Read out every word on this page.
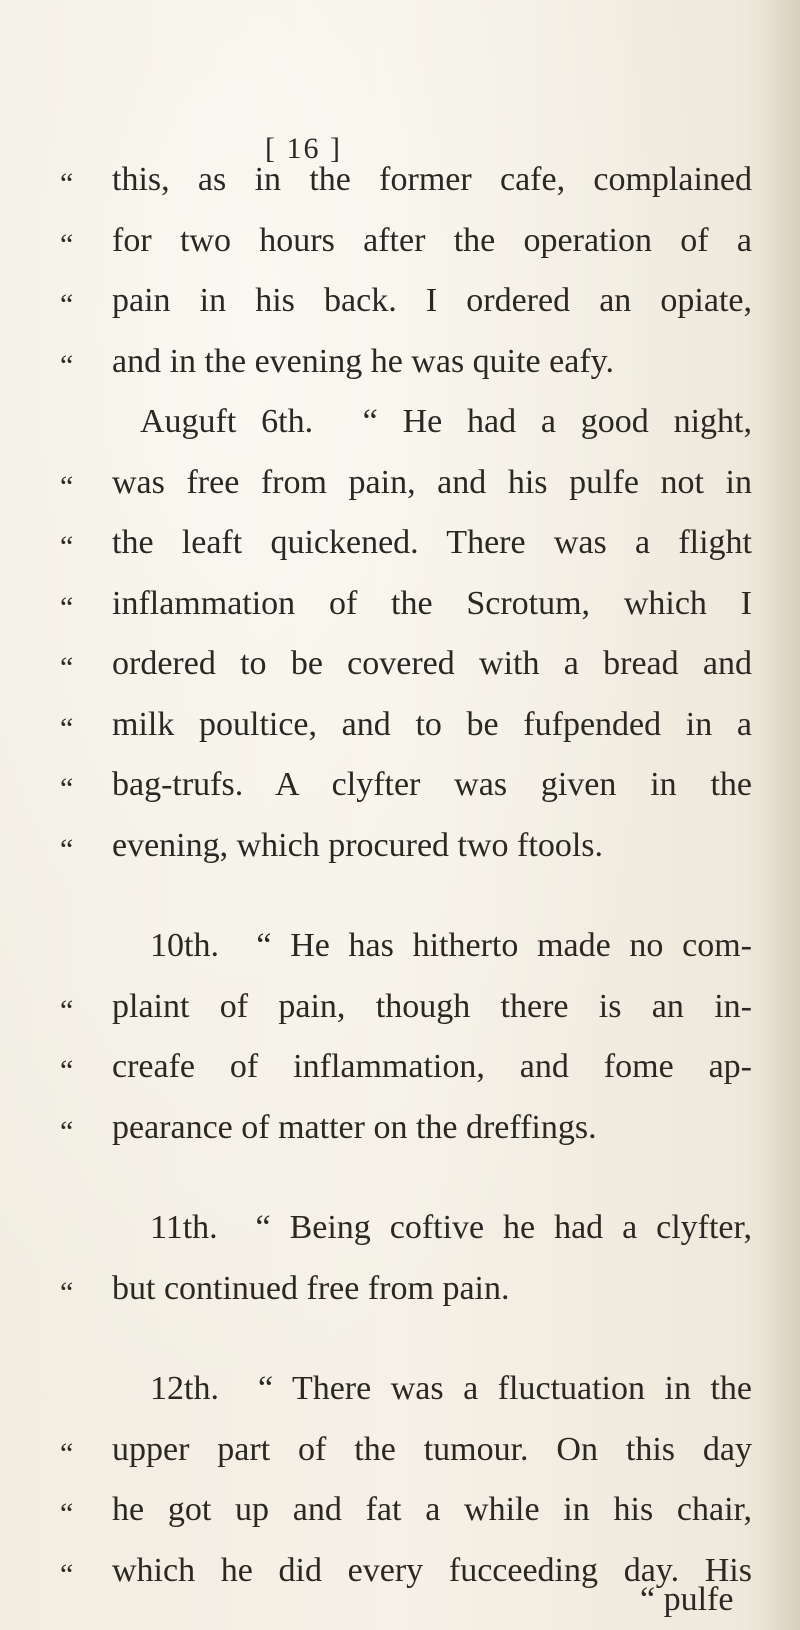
[ 16 ]
“ this, as in the former cafe, complained
“ for two hours after the operation of a
“ pain in his back. I ordered an opiate,
“ and in the evening he was quite eafy.
Auguft 6th.  “ He had a good night,
“ was free from pain, and his pulfe not in
“ the leaft quickened. There was a flight
“ inflammation of the Scrotum, which I
“ ordered to be covered with a bread and
“ milk poultice, and to be fufpended in a
“ bag-trufs. A clyfter was given in the
“ evening, which procured two ftools.
10th.  “ He has hitherto made no com-
“ plaint of pain, though there is an in-
“ creafe of inflammation, and fome ap-
“ pearance of matter on the dreffings.
11th.  “ Being coftive he had a clyfter,
“ but continued free from pain.
12th.  “ There was a fluctuation in the
“ upper part of the tumour. On this day
“ he got up and fat a while in his chair,
“ which he did every fucceeding day. His
“ pulfe
